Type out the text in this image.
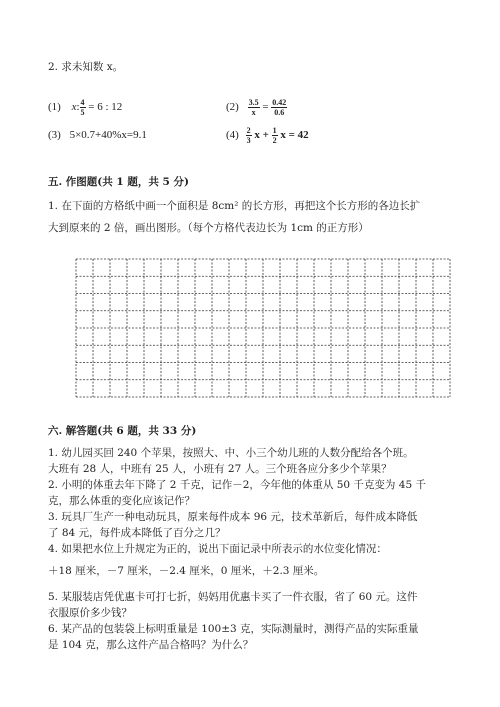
2. 求未知数 x。
(1) x: $\frac{4}{5} = 6$ : 12	$(2) \frac{3.5}{x} = \frac{0.42}{0.6}$
(3) 5×0.7+40%x=9.1	$(4) \frac{2}{3}$ $x + \frac{1}{2}$ x = 42
五. 作图题(共 1 题，共 5 分)
1. 在下面的方格纸中画一个面积是 8cm² 的长方形，再把这个长方形的各边长扩
大到原来的 2 倍，画出图形。（每个方格代表边长为 1cm 的正方形）
六. 解答题(共 6 题，共 33 分)
1. 幼儿园买回 240 个苹果，按照大、中、小三个幼儿班的人数分配给各个班。
大班有 28 人，中班有 25 人，小班有 27 人。三个班各应分多少个苹果？
2. 小明的体重去年下降了 2 千克，记作－2，今年他的体重从 50 千克变为 45 千
克，那么体重的变化应该记作？
3. 玩具厂生产一种电动玩具，原来每件成本 96 元，技术革新后，每件成本降低
了 84 元，每件成本降低了百分之几？
4. 如果把水位上升规定为正的，说出下面记录中所表示的水位变化情况：
＋18 厘米，－7 厘米，－2.4 厘米，0 厘米，＋2.3 厘米。
5. 某服装店凭优惠卡可打七折，妈妈用优惠卡买了一件衣服，省了 60 元。这件
衣服原价多少钱？
6. 某产品的包装袋上标明重量是 100±3 克，实际测量时，测得产品的实际重量
是 104 克，那么这件产品合格吗？为什么？
